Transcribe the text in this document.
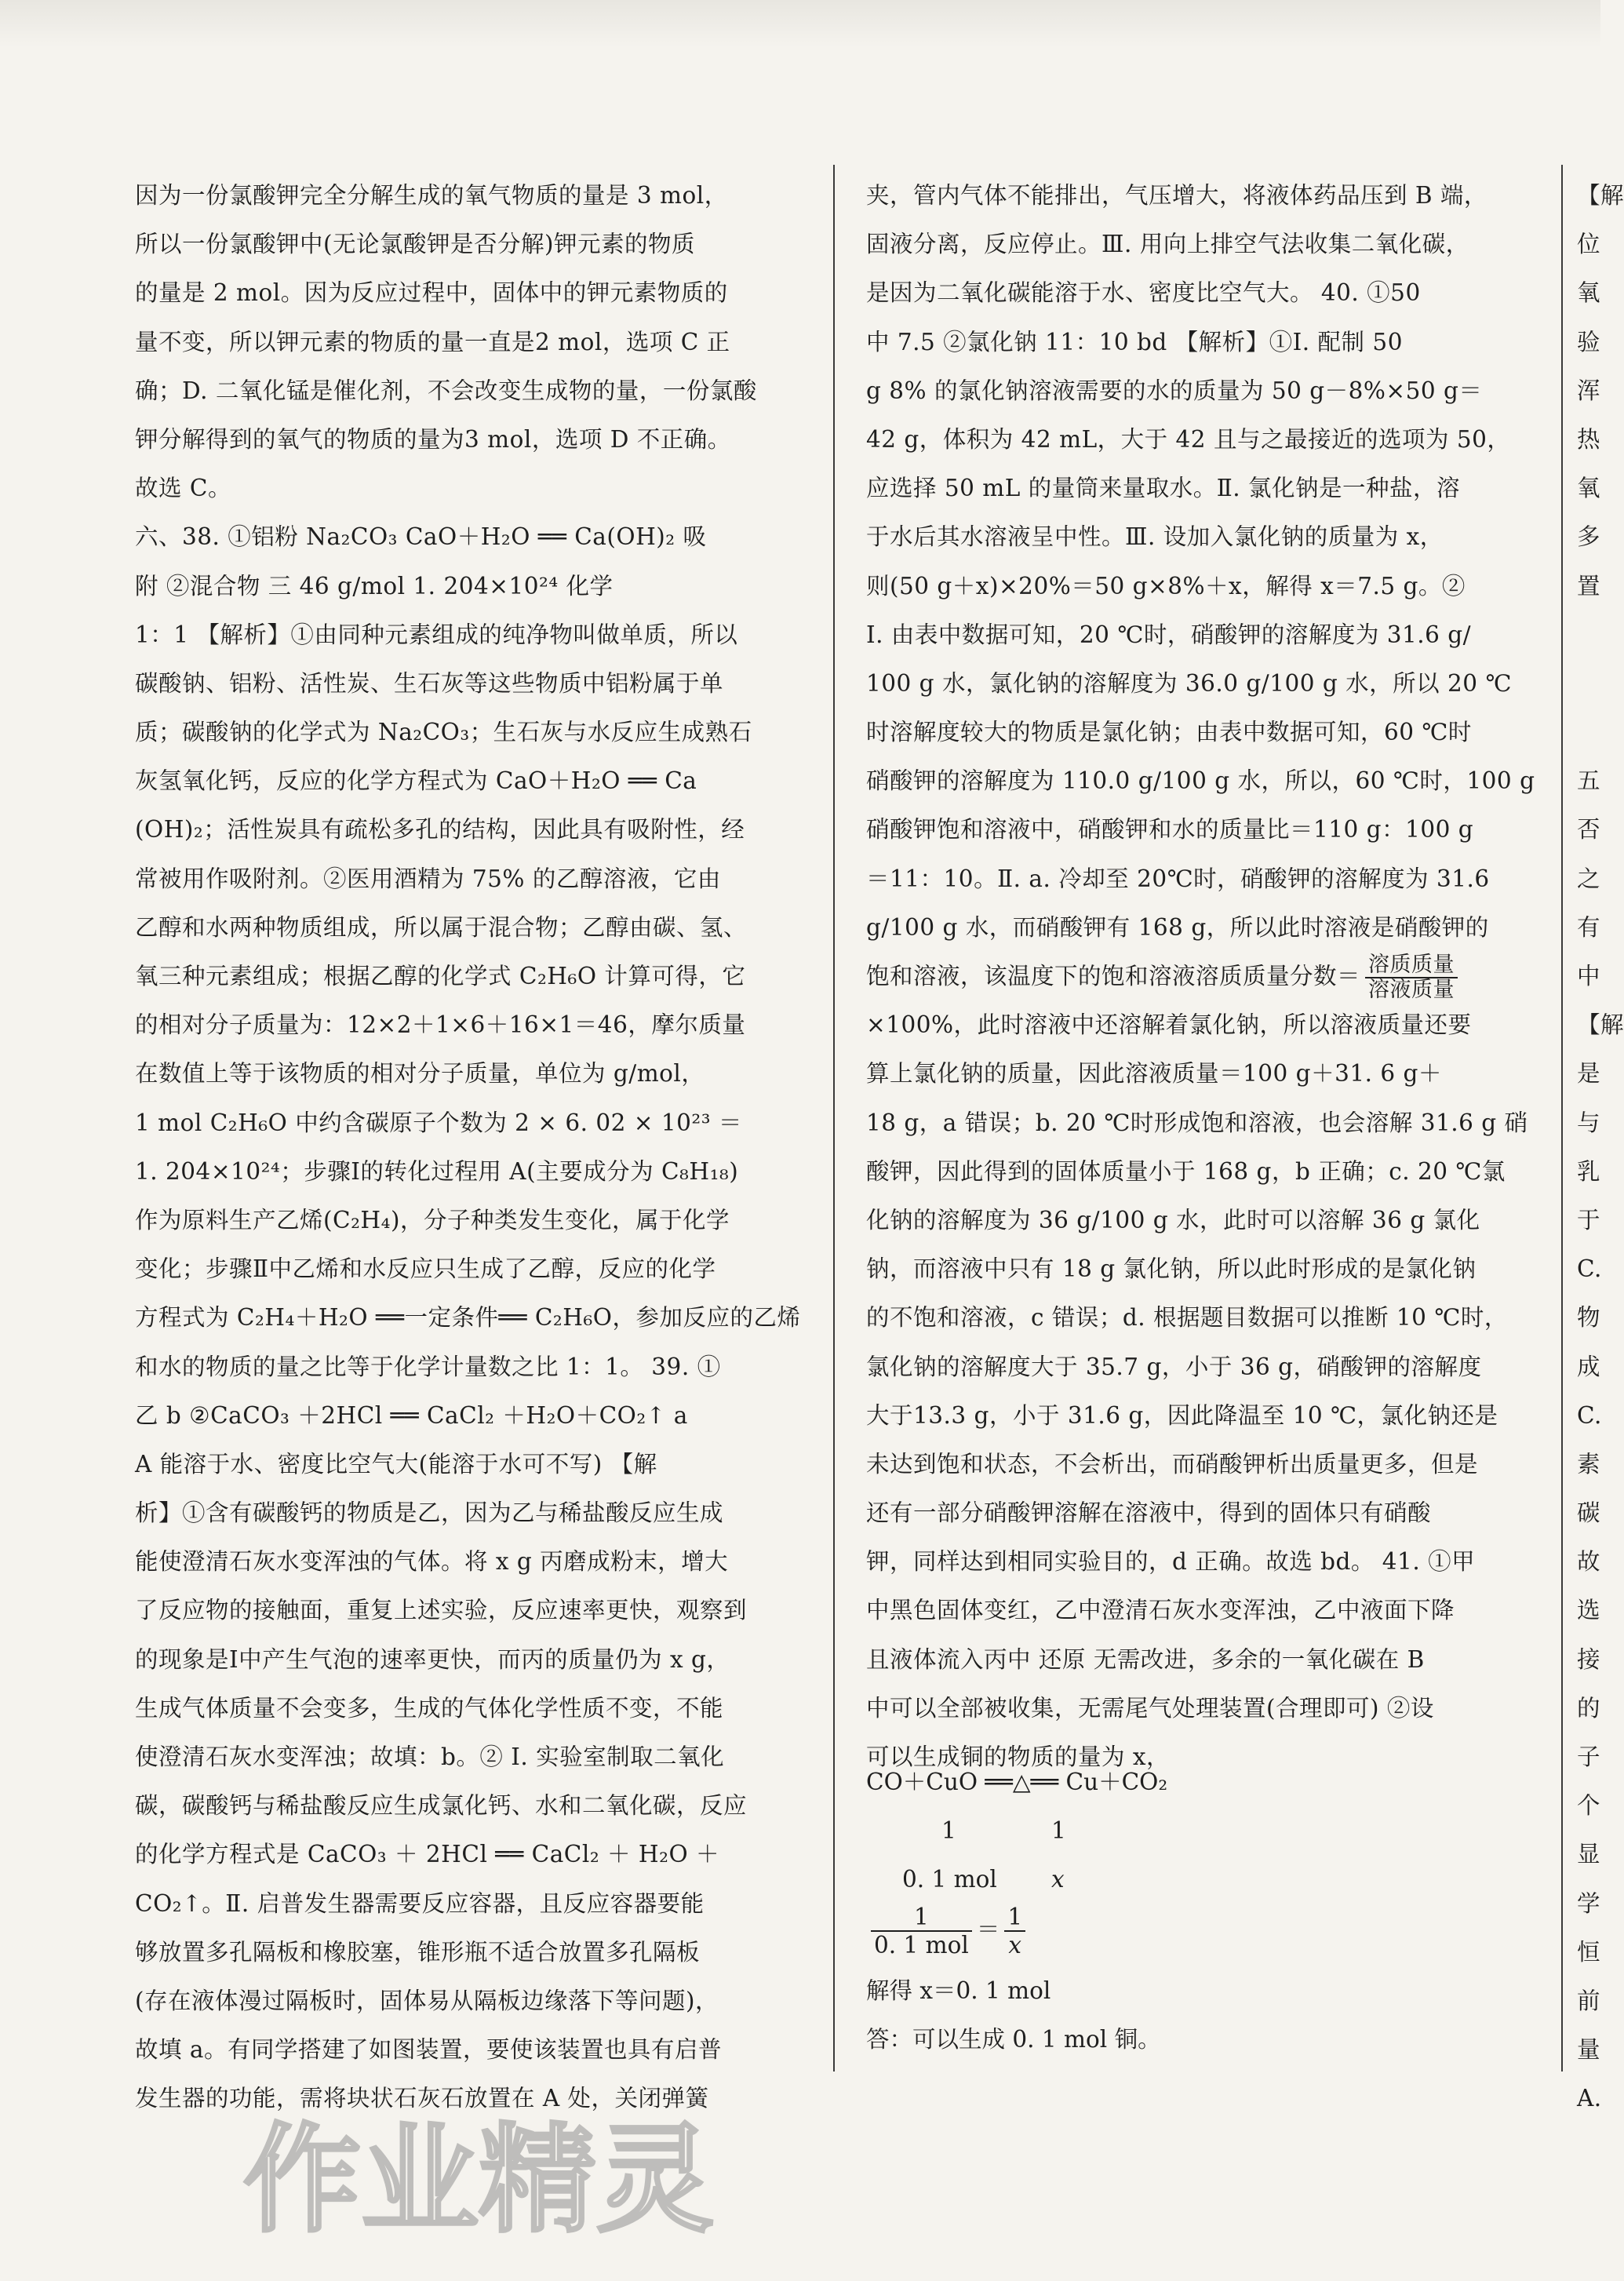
因为一份氯酸钾完全分解生成的氧气物质的量是 3 mol，
所以一份氯酸钾中(无论氯酸钾是否分解)钾元素的物质
的量是 2 mol。因为反应过程中，固体中的钾元素物质的
量不变，所以钾元素的物质的量一直是2 mol，选项 C 正
确；D. 二氧化锰是催化剂，不会改变生成物的量，一份氯酸
钾分解得到的氧气的物质的量为3 mol，选项 D 不正确。
故选 C。
六、38. ①铝粉 Na₂CO₃ CaO＋H₂O ══ Ca(OH)₂ 吸
附 ②混合物 三 46 g/mol 1. 204×10²⁴ 化学
1：1 【解析】①由同种元素组成的纯净物叫做单质，所以
碳酸钠、铝粉、活性炭、生石灰等这些物质中铝粉属于单
质；碳酸钠的化学式为 Na₂CO₃；生石灰与水反应生成熟石
灰氢氧化钙，反应的化学方程式为 CaO＋H₂O ══ Ca
(OH)₂；活性炭具有疏松多孔的结构，因此具有吸附性，经
常被用作吸附剂。②医用酒精为 75% 的乙醇溶液，它由
乙醇和水两种物质组成，所以属于混合物；乙醇由碳、氢、
氧三种元素组成；根据乙醇的化学式 C₂H₆O 计算可得，它
的相对分子质量为：12×2＋1×6＋16×1＝46，摩尔质量
在数值上等于该物质的相对分子质量，单位为 g/mol，
1 mol C₂H₆O 中约含碳原子个数为 2 × 6. 02 × 10²³ ＝
1. 204×10²⁴；步骤Ⅰ的转化过程用 A(主要成分为 C₈H₁₈)
作为原料生产乙烯(C₂H₄)，分子种类发生变化，属于化学
变化；步骤Ⅱ中乙烯和水反应只生成了乙醇，反应的化学
方程式为 C₂H₄＋H₂O ══一定条件══ C₂H₆O，参加反应的乙烯
和水的物质的量之比等于化学计量数之比 1：1。 39. ①
乙 b ②CaCO₃ ＋2HCl ══ CaCl₂ ＋H₂O＋CO₂↑ a
A 能溶于水、密度比空气大(能溶于水可不写) 【解
析】①含有碳酸钙的物质是乙，因为乙与稀盐酸反应生成
能使澄清石灰水变浑浊的气体。将 x g 丙磨成粉末，增大
了反应物的接触面，重复上述实验，反应速率更快，观察到
的现象是Ⅰ中产生气泡的速率更快，而丙的质量仍为 x g，
生成气体质量不会变多，生成的气体化学性质不变，不能
使澄清石灰水变浑浊；故填：b。② Ⅰ. 实验室制取二氧化
碳，碳酸钙与稀盐酸反应生成氯化钙、水和二氧化碳，反应
的化学方程式是 CaCO₃ ＋ 2HCl ══ CaCl₂ ＋ H₂O ＋
CO₂↑。Ⅱ. 启普发生器需要反应容器，且反应容器要能
够放置多孔隔板和橡胶塞，锥形瓶不适合放置多孔隔板
(存在液体漫过隔板时，固体易从隔板边缘落下等问题)，
故填 a。有同学搭建了如图装置，要使该装置也具有启普
发生器的功能，需将块状石灰石放置在 A 处，关闭弹簧
夹，管内气体不能排出，气压增大，将液体药品压到 B 端，
固液分离，反应停止。Ⅲ. 用向上排空气法收集二氧化碳，
是因为二氧化碳能溶于水、密度比空气大。 40. ①50
中 7.5 ②氯化钠 11：10 bd 【解析】①Ⅰ. 配制 50
g 8% 的氯化钠溶液需要的水的质量为 50 g－8%×50 g＝
42 g，体积为 42 mL，大于 42 且与之最接近的选项为 50，
应选择 50 mL 的量筒来量取水。Ⅱ. 氯化钠是一种盐，溶
于水后其水溶液呈中性。Ⅲ. 设加入氯化钠的质量为 x，
则(50 g＋x)×20%＝50 g×8%＋x，解得 x＝7.5 g。②
Ⅰ. 由表中数据可知，20 ℃时，硝酸钾的溶解度为 31.6 g/
100 g 水，氯化钠的溶解度为 36.0 g/100 g 水，所以 20 ℃
时溶解度较大的物质是氯化钠；由表中数据可知，60 ℃时
硝酸钾的溶解度为 110.0 g/100 g 水，所以，60 ℃时，100 g
硝酸钾饱和溶液中，硝酸钾和水的质量比＝110 g：100 g
＝11：10。Ⅱ. a. 冷却至 20℃时，硝酸钾的溶解度为 31.6
g/100 g 水，而硝酸钾有 168 g，所以此时溶液是硝酸钾的
饱和溶液，该温度下的饱和溶液溶质质量分数＝ $\frac{\text{溶质质量}}{\text{溶液质量}}$
×100%，此时溶液中还溶解着氯化钠，所以溶液质量还要
算上氯化钠的质量，因此溶液质量＝100 g＋31. 6 g＋
18 g，a 错误；b. 20 ℃时形成饱和溶液，也会溶解 31.6 g 硝
酸钾，因此得到的固体质量小于 168 g，b 正确；c. 20 ℃氯
化钠的溶解度为 36 g/100 g 水，此时可以溶解 36 g 氯化
钠，而溶液中只有 18 g 氯化钠，所以此时形成的是氯化钠
的不饱和溶液，c 错误；d. 根据题目数据可以推断 10 ℃时，
氯化钠的溶解度大于 35.7 g，小于 36 g，硝酸钾的溶解度
大于13.3 g，小于 31.6 g，因此降温至 10 ℃，氯化钠还是
未达到饱和状态，不会析出，而硝酸钾析出质量更多，但是
还有一部分硝酸钾溶解在溶液中，得到的固体只有硝酸
钾，同样达到相同实验目的，d 正确。故选 bd。 41. ①甲
中黑色固体变红，乙中澄清石灰水变浑浊，乙中液面下降
且液体流入丙中 还原 无需改进，多余的一氧化碳在 B
中可以全部被收集，无需尾气处理装置(合理即可) ②设
可以生成铜的物质的量为 x，
CO＋CuO ══△══ Cu＋CO₂
1	1
0. 1 mol x
$\frac{1}{\text{0. 1 mol}} = \frac{1}{x}$
解得 x＝0. 1 mol
答：可以生成 0. 1 mol 铜。
【解
位
氧
验
浑
热
氧
多
置
五
否
之
有
中
【解
是
与
乳
于
C.
物
成
C.
素
碳
故
选
接
的
子
个
显
学
恒
前
量
A.
作业精灵
